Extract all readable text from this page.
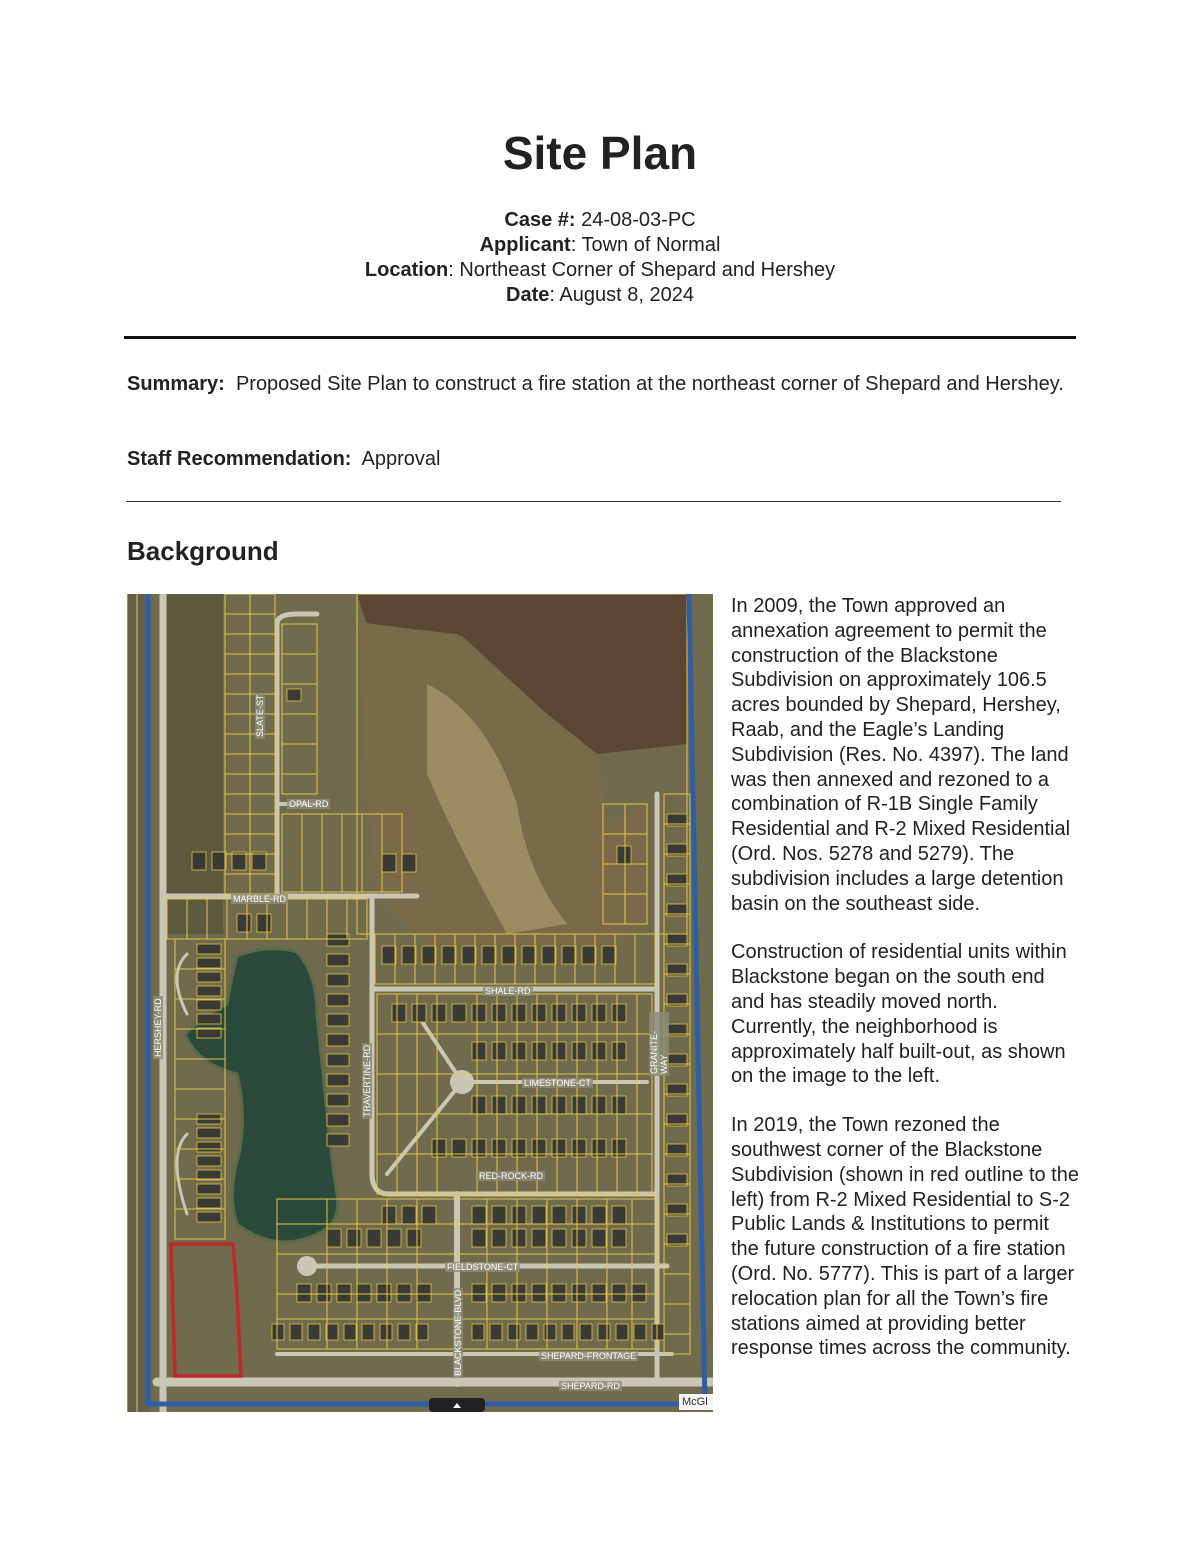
Site Plan
Case #: 24-08-03-PC
Applicant: Town of Normal
Location: Northeast Corner of Shepard and Hershey
Date: August 8, 2024
Summary: Proposed Site Plan to construct a fire station at the northeast corner of Shepard and Hershey.
Staff Recommendation: Approval
Background
SLATE-ST
OPAL-RD
MARBLE-RD
HERSHEY-RD
SHALE-RD
TRAVERTINE-RD	GRANITE-WAY
LIMESTONE-CT
RED-ROCK-RD
FIELDSTONE-CT
BLACKSTONE-BLVD	SHEPARD-FRONTAGE
SHEPARD-RD
McGl

In 2009, the Town approved an annexation agreement to permit the construction of the Blackstone Subdivision on approximately 106.5 acres bounded by Shepard, Hershey, Raab, and the Eagle’s Landing Subdivision (Res. No. 4397). The land was then annexed and rezoned to a combination of R-1B Single Family Residential and R-2 Mixed Residential (Ord. Nos. 5278 and 5279). The subdivision includes a large detention basin on the southeast side.

Construction of residential units within Blackstone began on the south end and has steadily moved north. Currently, the neighborhood is approximately half built-out, as shown on the image to the left.

In 2019, the Town rezoned the southwest corner of the Blackstone Subdivision (shown in red outline to the left) from R-2 Mixed Residential to S-2 Public Lands & Institutions to permit the future construction of a fire station (Ord. No. 5777). This is part of a larger relocation plan for all the Town’s fire stations aimed at providing better response times across the community.
